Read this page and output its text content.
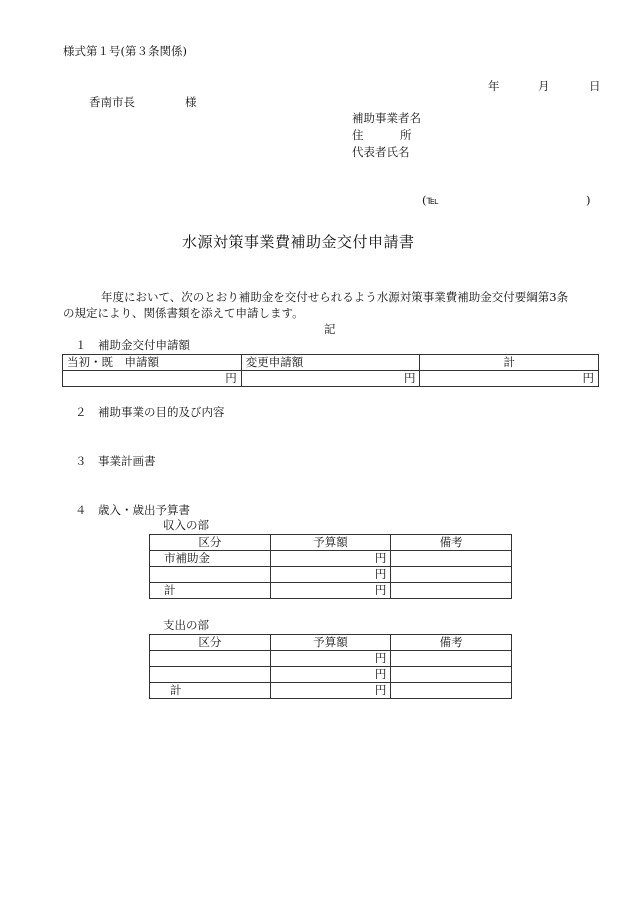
様式第１号(第３条関係)
年	月	日
香南市長	様
補助事業者名
住	所
代表者氏名
(℡	)
水源対策事業費補助金交付申請書
年度において、次のとおり補助金を交付せられるよう水源対策事業費補助金交付要綱第3条
の規定により、関係書類を添えて申請します。
記
１　補助金交付申請額
当初・既　申請額	変更申請額	計
円	円	円
２　補助事業の目的及び内容
３　事業計画書
４　歳入・歳出予算書
収入の部
区分	予算額	備考
市補助金	円	
	円	
計	円	
支出の部
区分	予算額	備考
	円	
	円	
計	円	
